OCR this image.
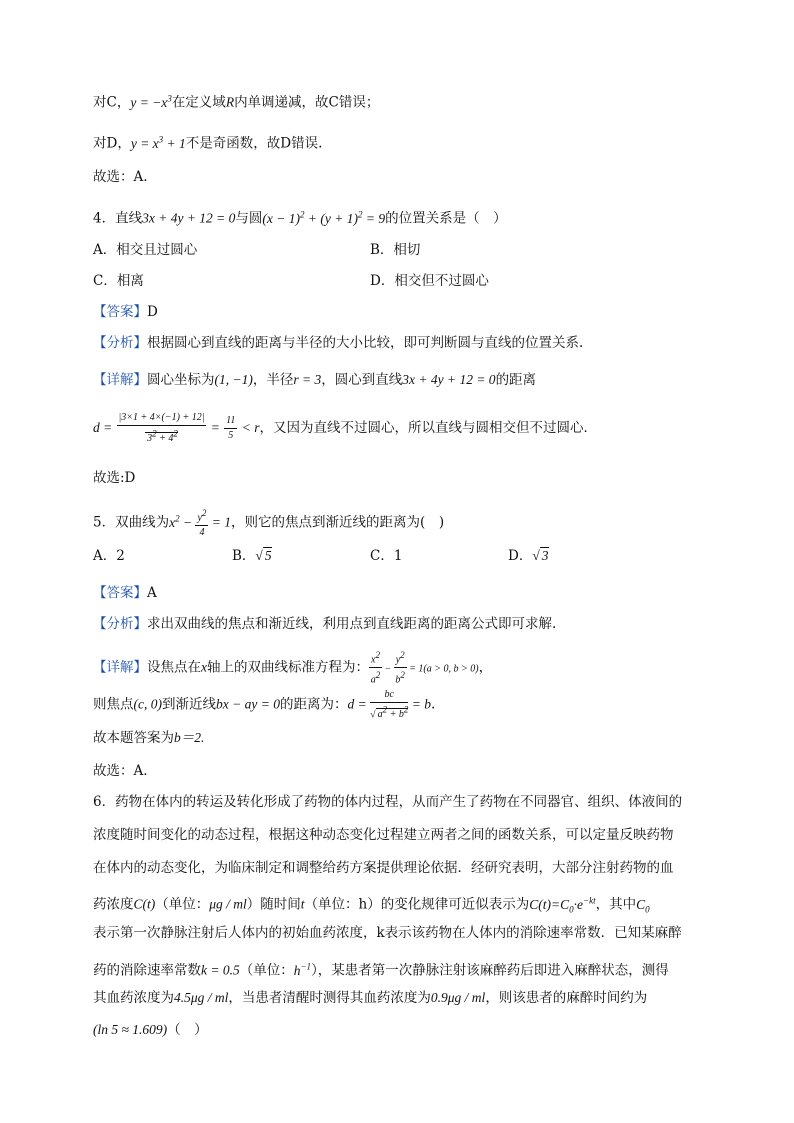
对C，$y = -x^3$在定义域R内单调递减，故C错误；
对D，$y = x^3 + 1$不是奇函数，故D错误.
故选：A.
4．直线3x + 4y + 12 = 0与圆$(x - 1)^2 + (y + 1)^2 = 9$的位置关系是（　）
A．相交且过圆心	B．相切
C．相离	D．相交但不过圆心
【答案】D
【分析】根据圆心到直线的距离与半径的大小比较，即可判断圆与直线的位置关系.
【详解】圆心坐标为(1, −1)，半径r = 3，圆心到直线3x + 4y + 12 = 0的距离
$d = \frac{|3\times 1 + 4\times(-1) + 12|}{3^2 + 4^2} = \frac{11}{5} < r$，又因为直线不过圆心，所以直线与圆相交但不过圆心．
故选:D
5．双曲线为$x^2 - \frac{y^2}{4} = 1$，则它的焦点到渐近线的距离为(　)
A．2	B．√ 5	C．1	D．√ 3
【答案】A
【分析】求出双曲线的焦点和渐近线，利用点到直线距离的距离公式即可求解.
【详解】设焦点在x轴上的双曲线标准方程为： $\frac{x^2}{a^2} - \frac{y^2}{b^2} = 1(a > 0$, b > 0)，
则焦点(c, 0)到渐近线bx − ay = 0的距离为：$d = \frac{bc}{√ a^2 + b^2} = b$.
故本题答案为b＝2.
故选：A.
6．药物在体内的转运及转化形成了药物的体内过程，从而产生了药物在不同器官、组织、体液间的
浓度随时间变化的动态过程，根据这种动态变化过程建立两者之间的函数关系，可以定量反映药物
在体内的动态变化，为临床制定和调整给药方案提供理论依据．经研究表明，大部分注射药物的血
药浓度C(t)（单位：μg / ml）随时间t（单位：h）的变化规律可近似表示为$C(t)=C_0\cdot e^{-kt}$，其中$C_0$
表示第一次静脉注射后人体内的初始血药浓度，k表示该药物在人体内的消除速率常数．已知某麻醉
药的消除速率常数k = 0.5（单位：$h^{-1}$），某患者第一次静脉注射该麻醉药后即进入麻醉状态，测得
其血药浓度为4.5μg / ml，当患者清醒时测得其血药浓度为0.9μg / ml，则该患者的麻醉时间约为
(ln 5 ≈ 1.609)（　）
